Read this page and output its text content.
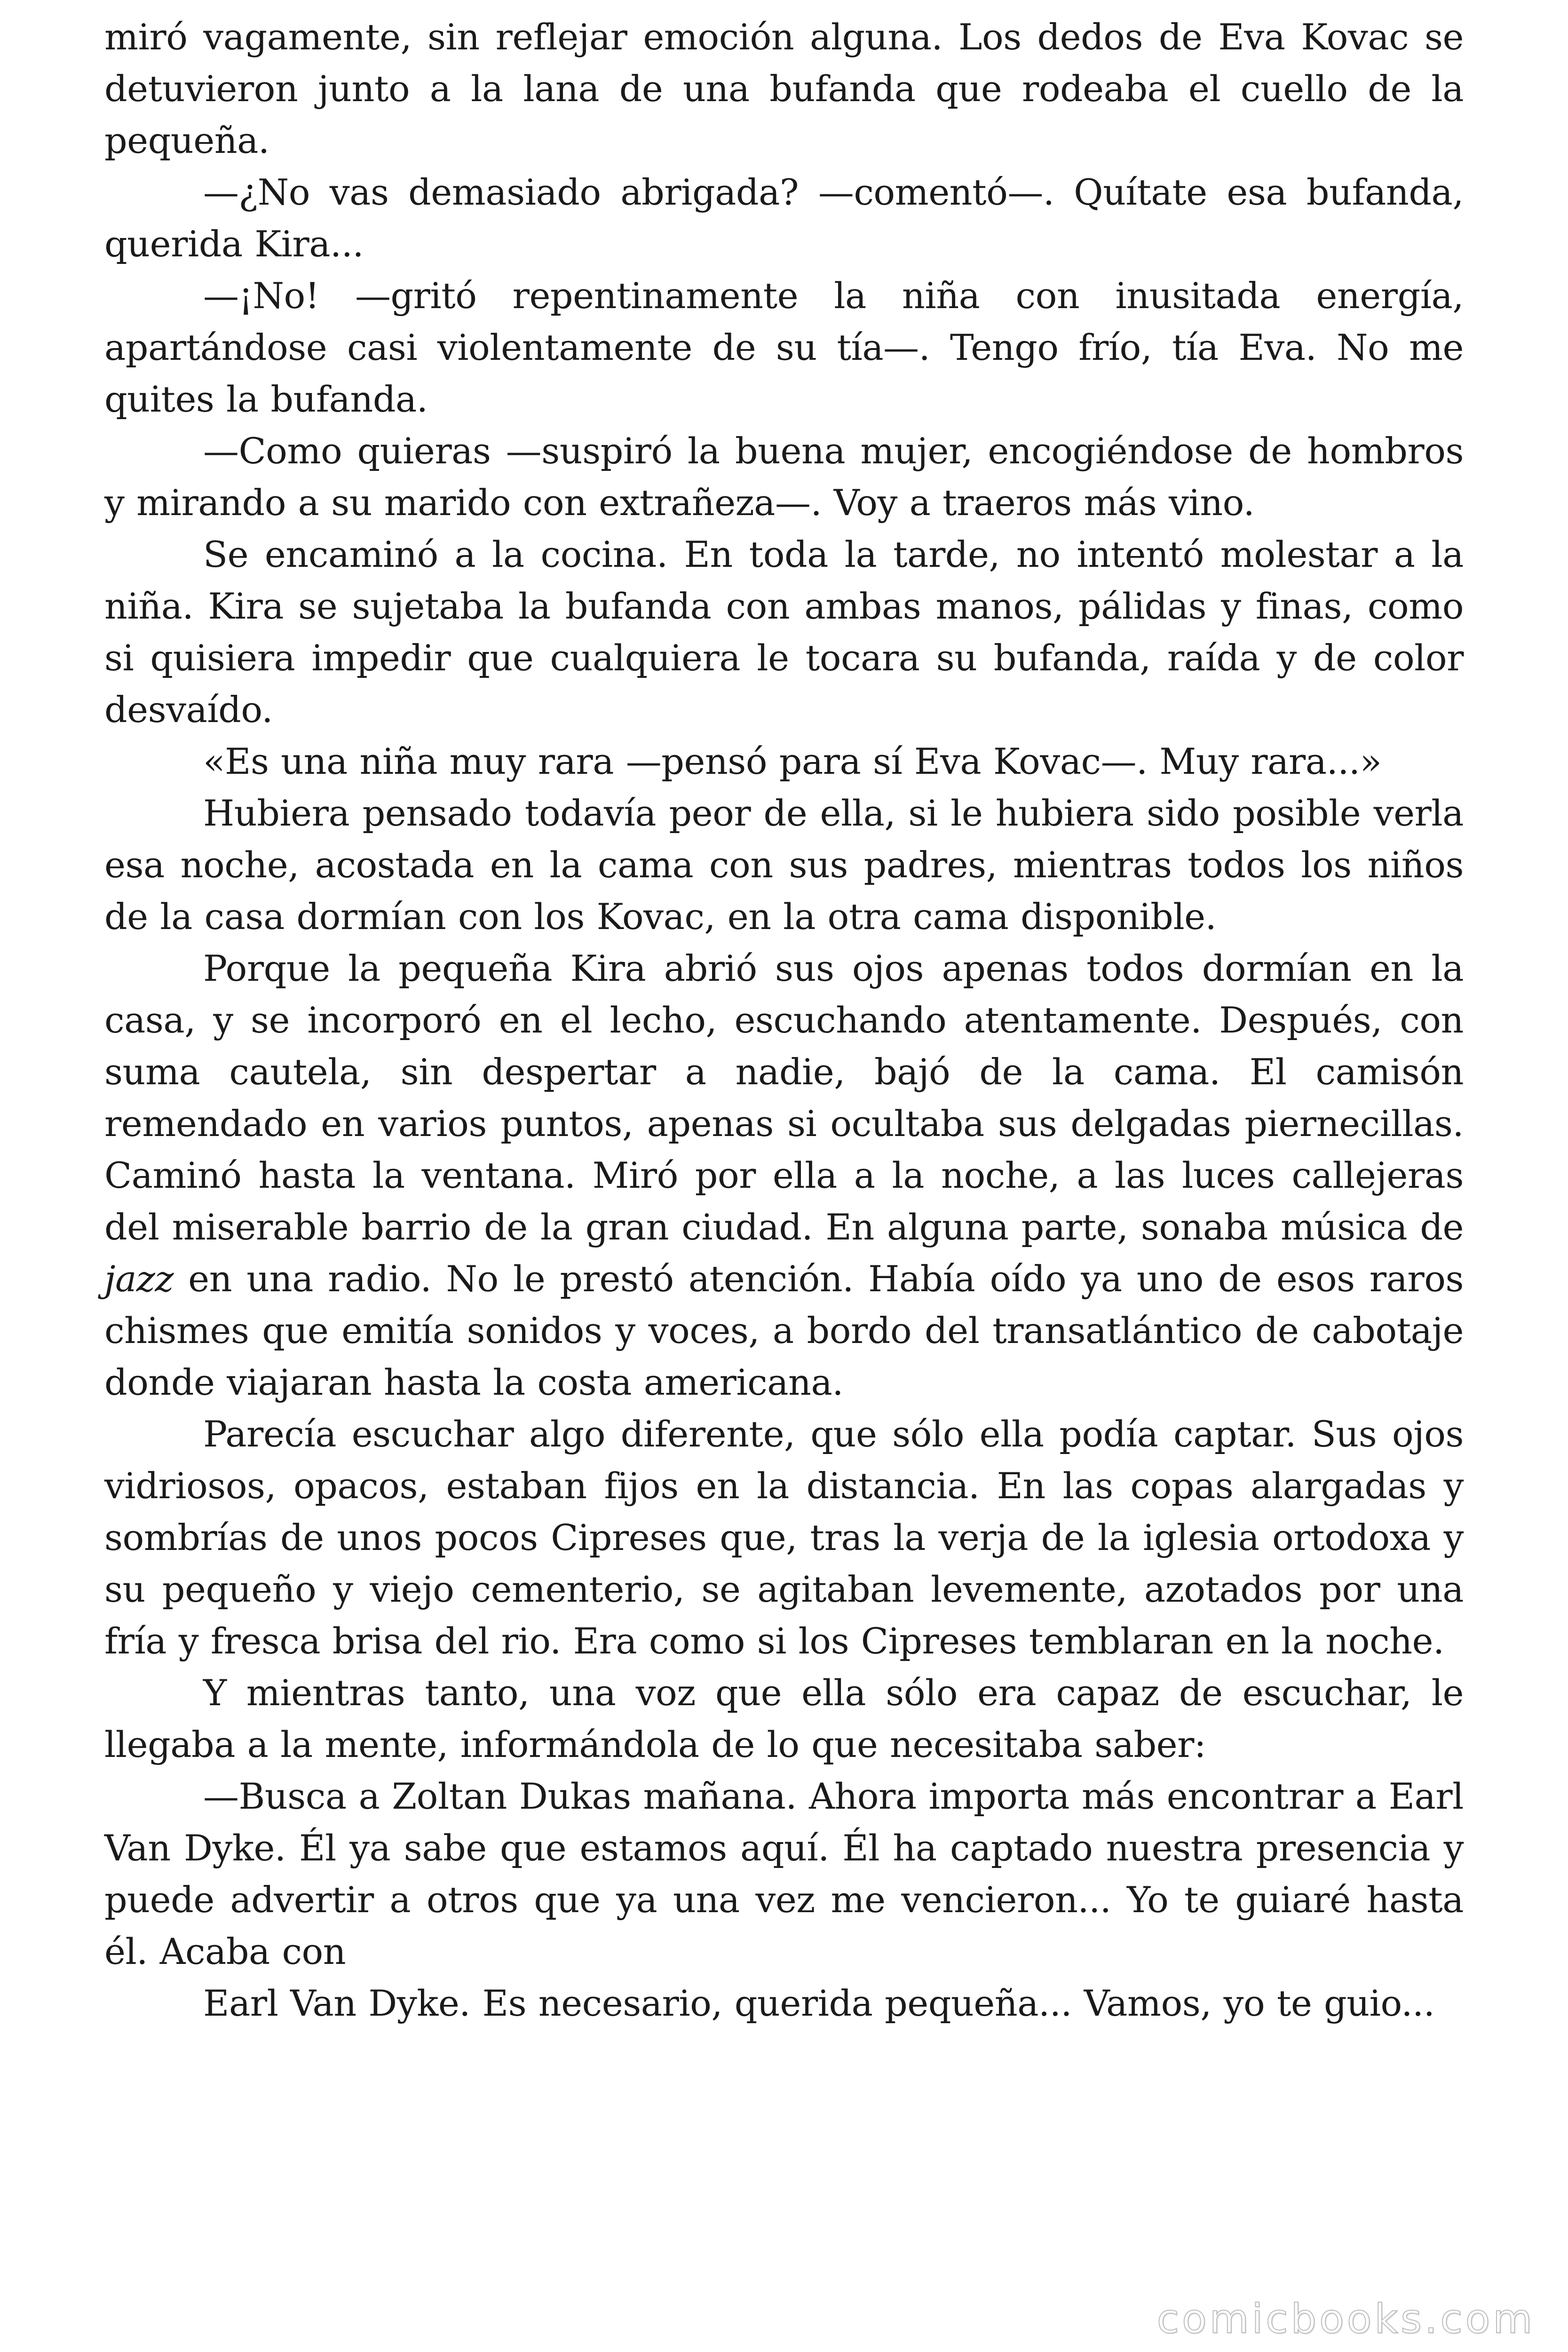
miró vagamente, sin reflejar emoción alguna. Los dedos de Eva Kovac se detuvieron junto a la lana de una bufanda que rodeaba el cuello de la pequeña.

—¿No vas demasiado abrigada? —comentó—. Quítate esa bufanda, querida Kira...

—¡No! —gritó repentinamente la niña con inusitada energía, apartándose casi violentamente de su tía—. Tengo frío, tía Eva. No me quites la bufanda.

—Como quieras —suspiró la buena mujer, encogiéndose de hombros y mirando a su marido con extrañeza—. Voy a traeros más vino.

Se encaminó a la cocina. En toda la tarde, no intentó molestar a la niña. Kira se sujetaba la bufanda con ambas manos, pálidas y finas, como si quisiera impedir que cualquiera le tocara su bufanda, raída y de color desvaído.

«Es una niña muy rara —pensó para sí Eva Kovac—. Muy rara...»

Hubiera pensado todavía peor de ella, si le hubiera sido posible verla esa noche, acostada en la cama con sus padres, mientras todos los niños de la casa dormían con los Kovac, en la otra cama disponible.

Porque la pequeña Kira abrió sus ojos apenas todos dormían en la casa, y se incorporó en el lecho, escuchando atentamente. Después, con suma cautela, sin despertar a nadie, bajó de la cama. El camisón remendado en varios puntos, apenas si ocultaba sus delgadas piernecillas. Caminó hasta la ventana. Miró por ella a la noche, a las luces callejeras del miserable barrio de la gran ciudad. En alguna parte, sonaba música de jazz en una radio. No le prestó atención. Había oído ya uno de esos raros chismes que emitía sonidos y voces, a bordo del transatlántico de cabotaje donde viajaran hasta la costa americana.

Parecía escuchar algo diferente, que sólo ella podía captar. Sus ojos vidriosos, opacos, estaban fijos en la distancia. En las copas alargadas y sombrías de unos pocos Cipreses que, tras la verja de la iglesia ortodoxa y su pequeño y viejo cementerio, se agitaban levemente, azotados por una fría y fresca brisa del rio. Era como si los Cipreses temblaran en la noche.

Y mientras tanto, una voz que ella sólo era capaz de escuchar, le llegaba a la mente, informándola de lo que necesitaba saber:

—Busca a Zoltan Dukas mañana. Ahora importa más encontrar a Earl Van Dyke. Él ya sabe que estamos aquí. Él ha captado nuestra presencia y puede advertir a otros que ya una vez me vencieron... Yo te guiaré hasta él. Acaba con

Earl Van Dyke. Es necesario, querida pequeña... Vamos, yo te guio...

comicbooks.com
